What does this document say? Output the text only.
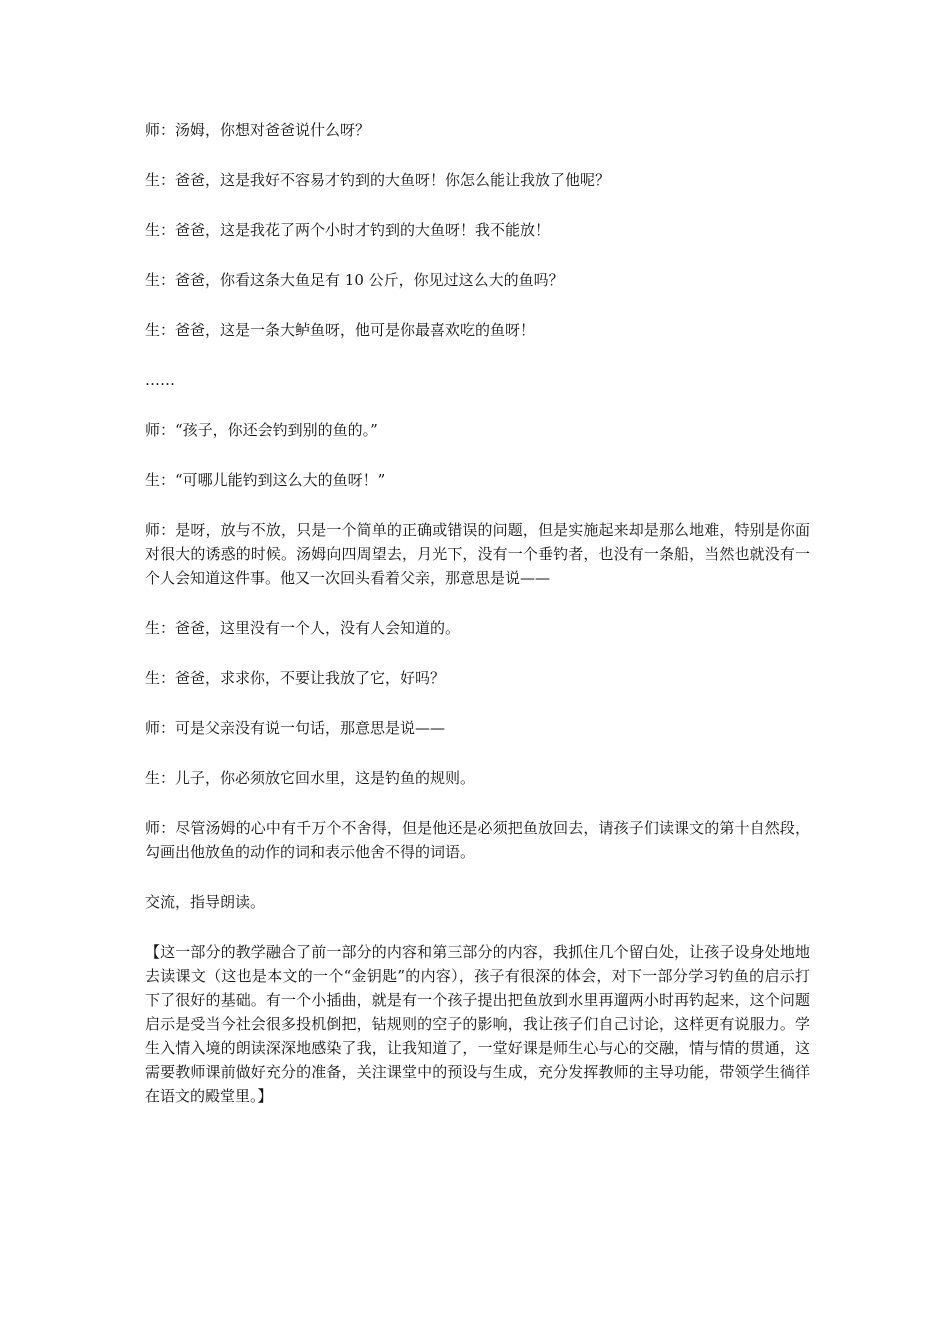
师：汤姆，你想对爸爸说什么呀？

生：爸爸，这是我好不容易才钓到的大鱼呀！你怎么能让我放了他呢？

生：爸爸，这是我花了两个小时才钓到的大鱼呀！我不能放！

生：爸爸，你看这条大鱼足有 10 公斤，你见过这么大的鱼吗？

生：爸爸，这是一条大鲈鱼呀，他可是你最喜欢吃的鱼呀！

……

师：“孩子，你还会钓到别的鱼的。”

生：“可哪儿能钓到这么大的鱼呀！”

师：是呀，放与不放，只是一个简单的正确或错误的问题，但是实施起来却是那么地难，特别是你面对很大的诱惑的时候。汤姆向四周望去，月光下，没有一个垂钓者，也没有一条船，当然也就没有一个人会知道这件事。他又一次回头看着父亲，那意思是说——

生：爸爸，这里没有一个人，没有人会知道的。

生：爸爸，求求你，不要让我放了它，好吗？

师：可是父亲没有说一句话，那意思是说——

生：儿子，你必须放它回水里，这是钓鱼的规则。

师：尽管汤姆的心中有千万个不舍得，但是他还是必须把鱼放回去，请孩子们读课文的第十自然段，勾画出他放鱼的动作的词和表示他舍不得的词语。

交流，指导朗读。

【这一部分的教学融合了前一部分的内容和第三部分的内容，我抓住几个留白处，让孩子设身处地地去读课文（这也是本文的一个“金钥匙”的内容），孩子有很深的体会，对下一部分学习钓鱼的启示打下了很好的基础。有一个小插曲，就是有一个孩子提出把鱼放到水里再遛两小时再钓起来，这个问题启示是受当今社会很多投机倒把，钻规则的空子的影响，我让孩子们自己讨论，这样更有说服力。学生入情入境的朗读深深地感染了我，让我知道了，一堂好课是师生心与心的交融，情与情的贯通，这需要教师课前做好充分的准备，关注课堂中的预设与生成，充分发挥教师的主导功能，带领学生徜徉在语文的殿堂里。】
